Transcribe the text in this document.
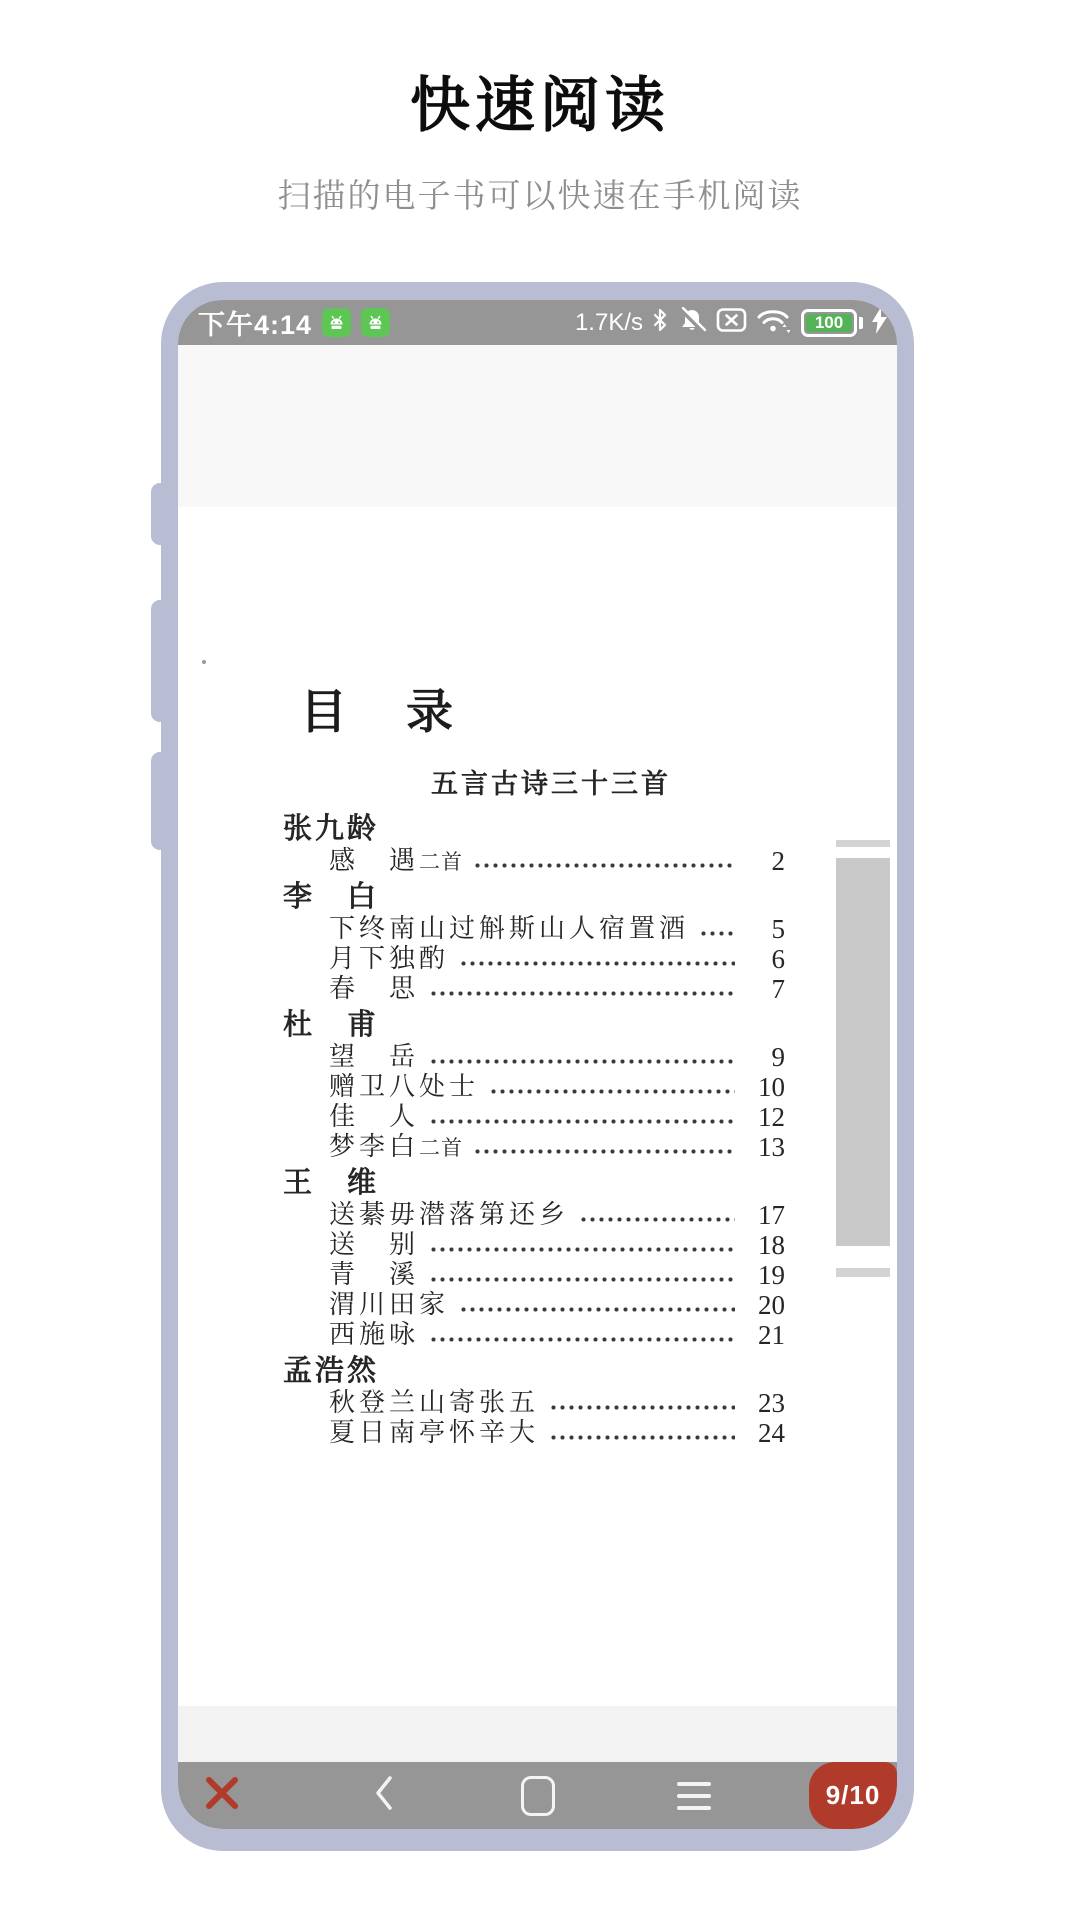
快速阅读
扫描的电子书可以快速在手机阅读
下午4:14	1.7K/s	100
目　录
五言古诗三十三首
张九龄
感　遇 二首	2
李　白
下终南山过斛斯山人宿置酒	5
月下独酌	6
春　思	7
杜　甫
望　岳	9
赠卫八处士	10
佳　人	12
梦李白 二首	13
王　维
送綦毋潜落第还乡	17
送　别	18
青　溪	19
渭川田家	20
西施咏	21
孟浩然
秋登兰山寄张五	23
夏日南亭怀辛大	24
9/10
